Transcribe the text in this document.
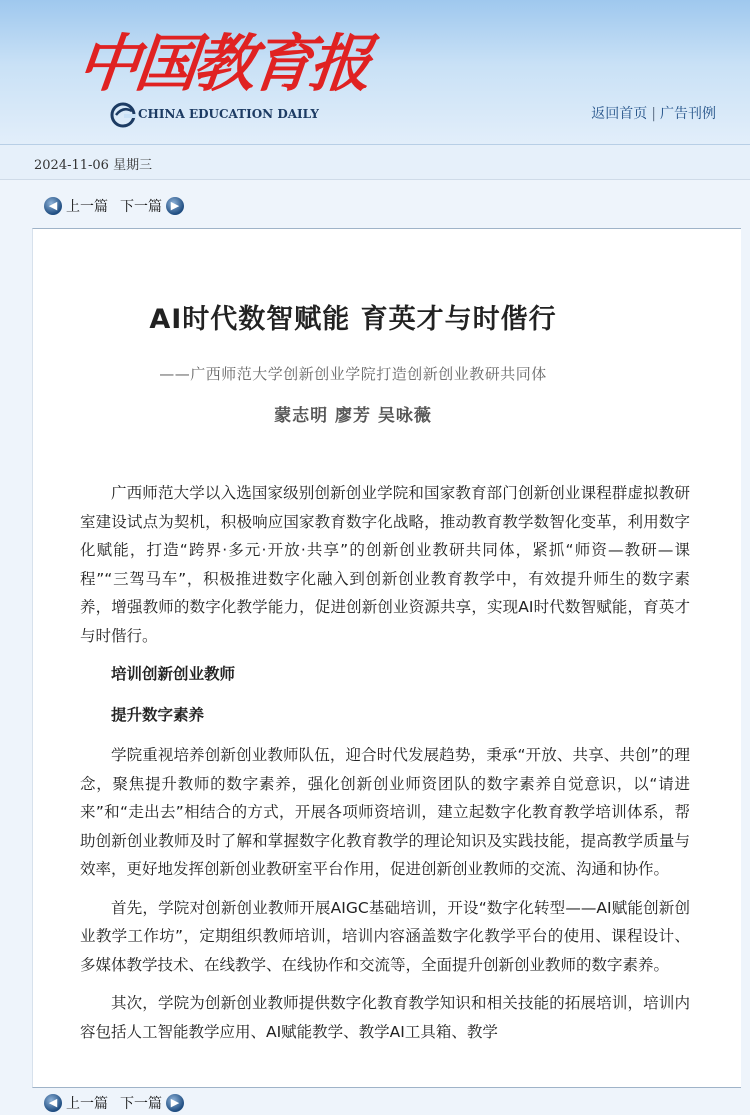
中国教育报
CHINA EDUCATION DAILY	返回首页 | 广告刊例
2024-11-06 星期三
◀ 上一篇 下一篇 ▶
AI时代数智赋能 育英才与时偕行
——广西师范大学创新创业学院打造创新创业教研共同体
蒙志明 廖芳 吴咏薇

广西师范大学以入选国家级别创新创业学院和国家教育部门创新创业课程群虚拟教研室建设试点为契机，积极响应国家教育数字化战略，推动教育教学数智化变革，利用数字化赋能，打造“跨界·多元·开放·共享”的创新创业教研共同体，紧抓“师资—教研—课程”“三驾马车”，积极推进数字化融入到创新创业教育教学中，有效提升师生的数字素养，增强教师的数字化教学能力，促进创新创业资源共享，实现AI时代数智赋能，育英才与时偕行。

培训创新创业教师

提升数字素养

学院重视培养创新创业教师队伍，迎合时代发展趋势，秉承“开放、共享、共创”的理念，聚焦提升教师的数字素养，强化创新创业师资团队的数字素养自觉意识，以“请进来”和“走出去”相结合的方式，开展各项师资培训，建立起数字化教育教学培训体系，帮助创新创业教师及时了解和掌握数字化教育教学的理论知识及实践技能，提高教学质量与效率，更好地发挥创新创业教研室平台作用，促进创新创业教师的交流、沟通和协作。

首先，学院对创新创业教师开展AIGC基础培训，开设“数字化转型——AI赋能创新创业教学工作坊”，定期组织教师培训，培训内容涵盖数字化教学平台的使用、课程设计、多媒体教学技术、在线教学、在线协作和交流等，全面提升创新创业教师的数字素养。

其次，学院为创新创业教师提供数字化教育教学知识和相关技能的拓展培训，培训内容包括人工智能教学应用、AI赋能教学、教学AI工具箱、教学

◀ 上一篇 下一篇 ▶
